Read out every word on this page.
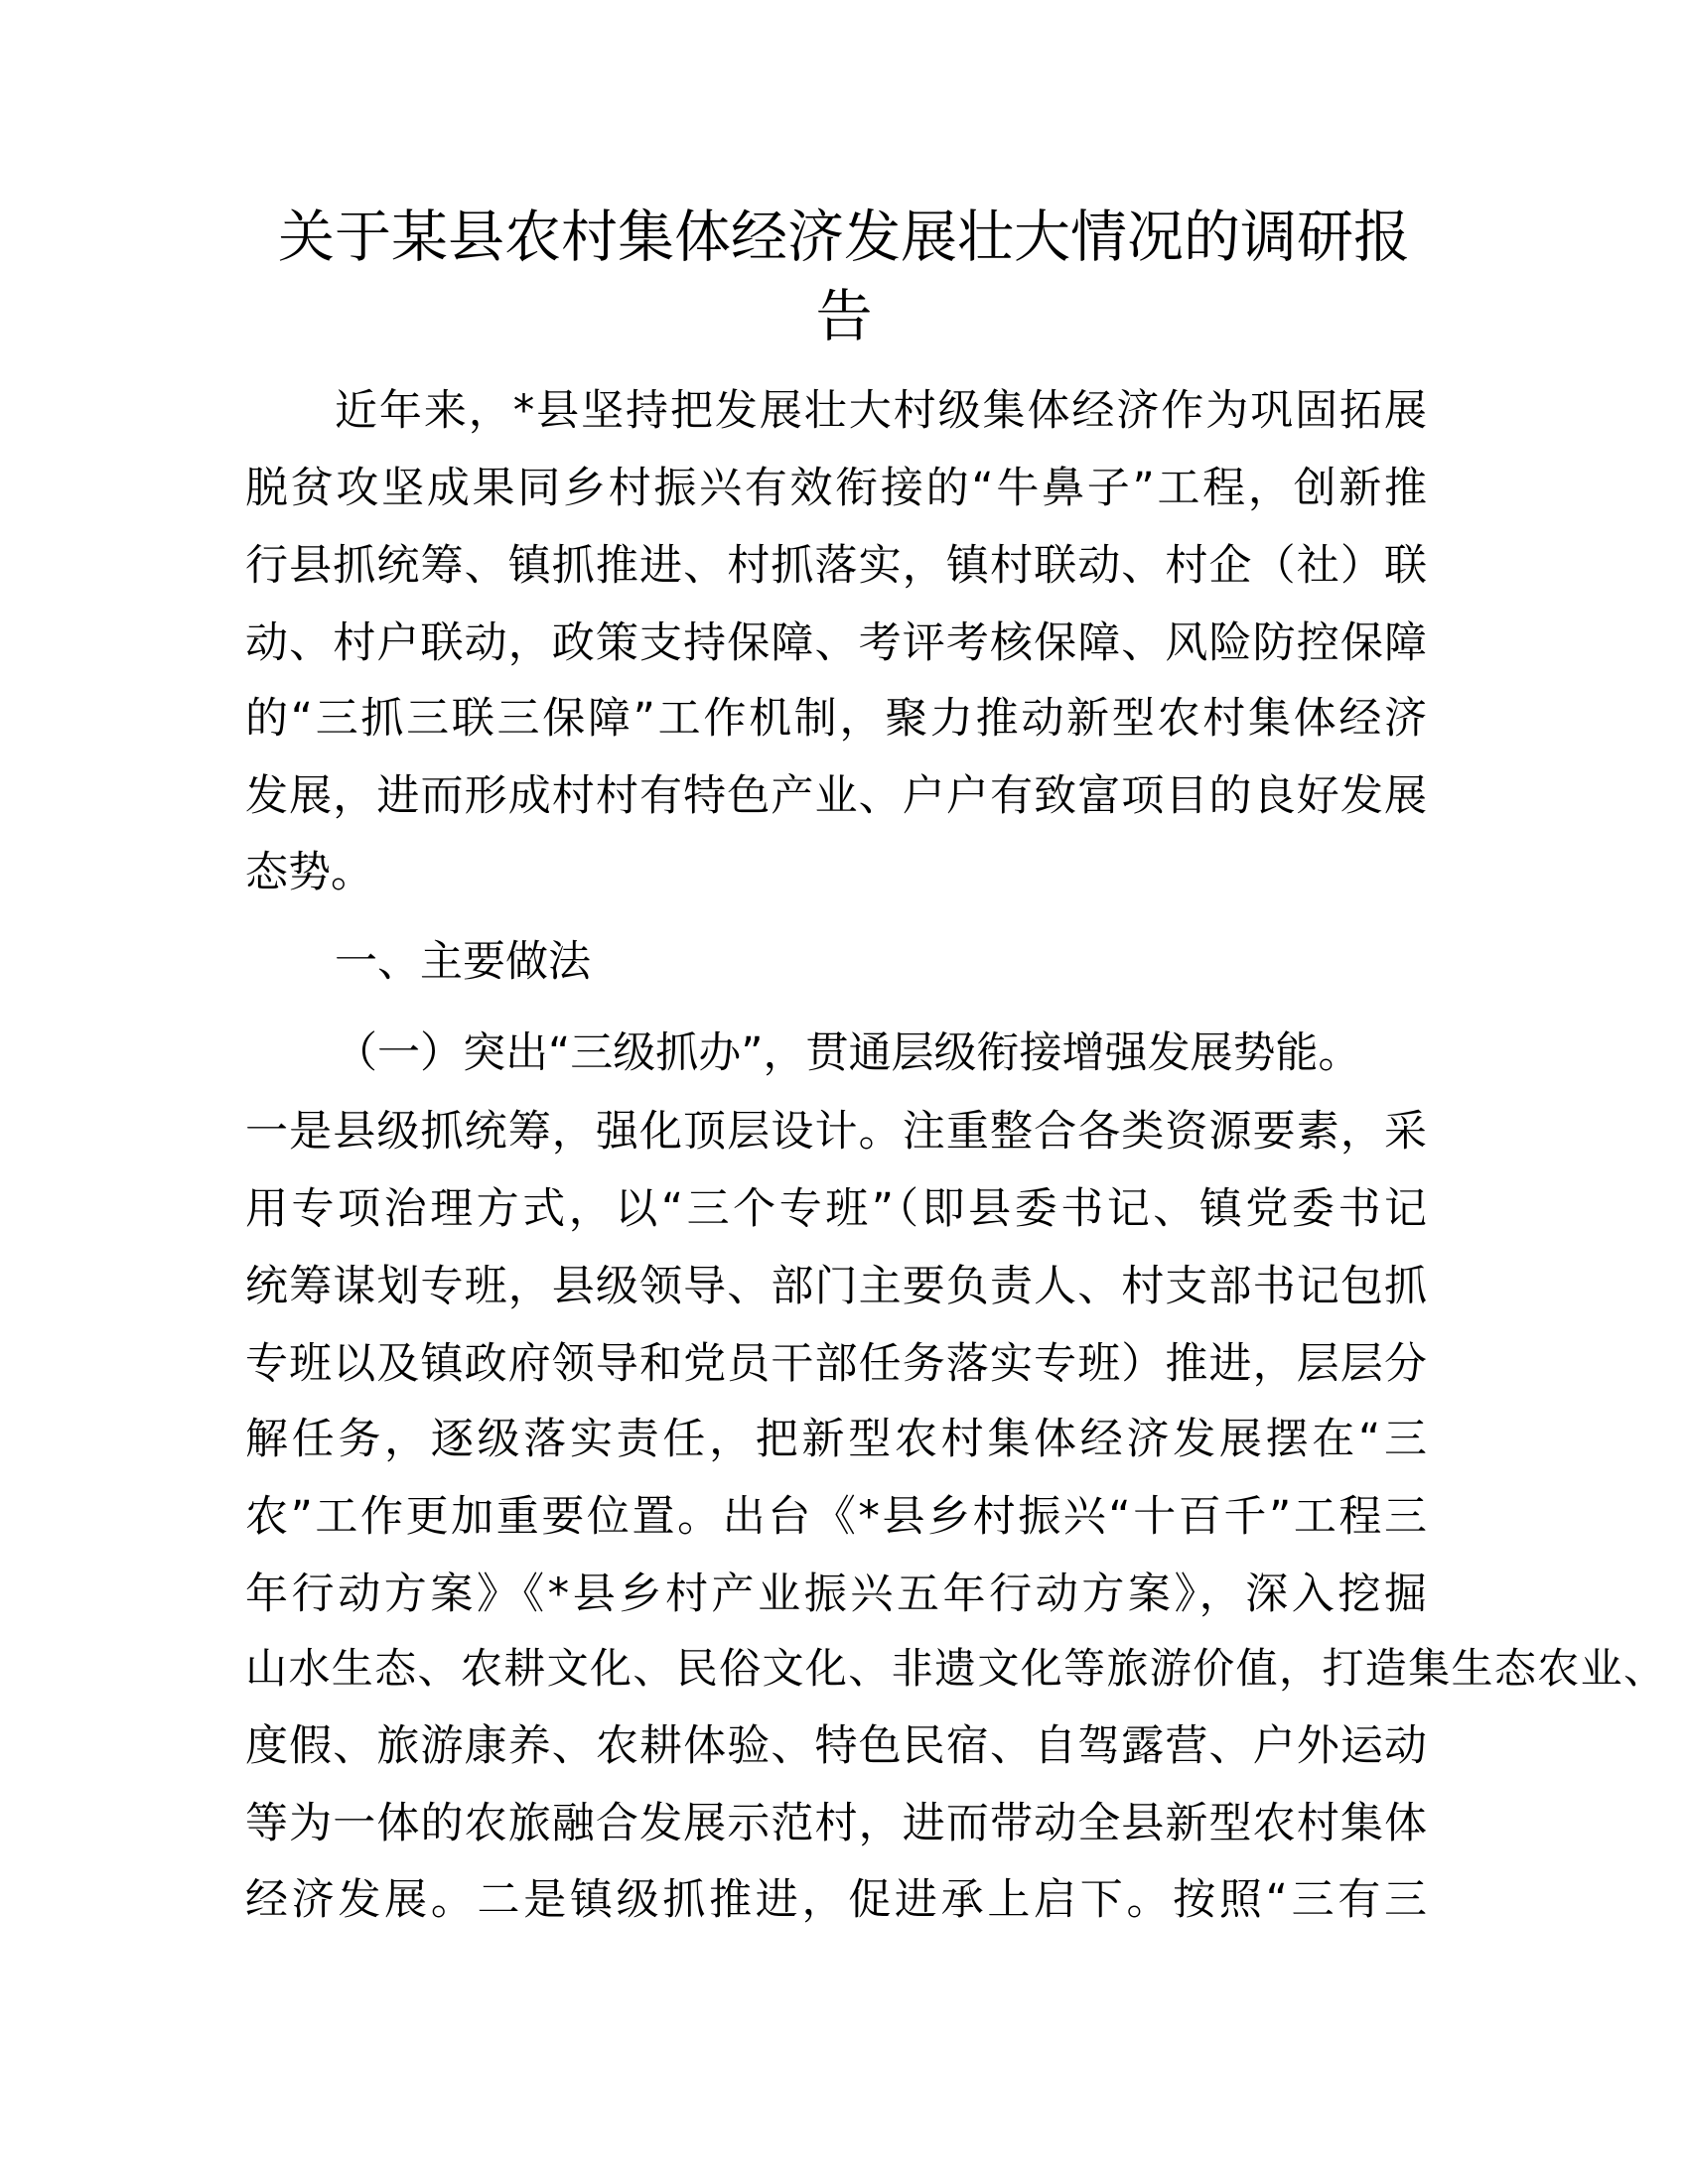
关于某县农村集体经济发展壮大情况的调研报
告
近年来，*县坚持把发展壮大村级集体经济作为巩固拓展
脱贫攻坚成果同乡村振兴有效衔接的“牛鼻子”工程，创新推
行县抓统筹、镇抓推进、村抓落实，镇村联动、村企（社）联
动、村户联动，政策支持保障、考评考核保障、风险防控保障
的“三抓三联三保障”工作机制，聚力推动新型农村集体经济
发展，进而形成村村有特色产业、户户有致富项目的良好发展
态势。
一、主要做法
（一）突出“三级抓办”，贯通层级衔接增强发展势能。
一是县级抓统筹，强化顶层设计。注重整合各类资源要素，采
用专项治理方式，以“三个专班”（即县委书记、镇党委书记
统筹谋划专班，县级领导、部门主要负责人、村支部书记包抓
专班以及镇政府领导和党员干部任务落实专班）推进，层层分
解任务，逐级落实责任，把新型农村集体经济发展摆在“三
农”工作更加重要位置。出台《*县乡村振兴“十百千”工程三
年行动方案》《*县乡村产业振兴五年行动方案》，深入挖掘
山水生态、农耕文化、民俗文化、非遗文化等旅游价值，打造集生态农业、
度假、旅游康养、农耕体验、特色民宿、自驾露营、户外运动
等为一体的农旅融合发展示范村，进而带动全县新型农村集体
经济发展。二是镇级抓推进，促进承上启下。按照“三有三
